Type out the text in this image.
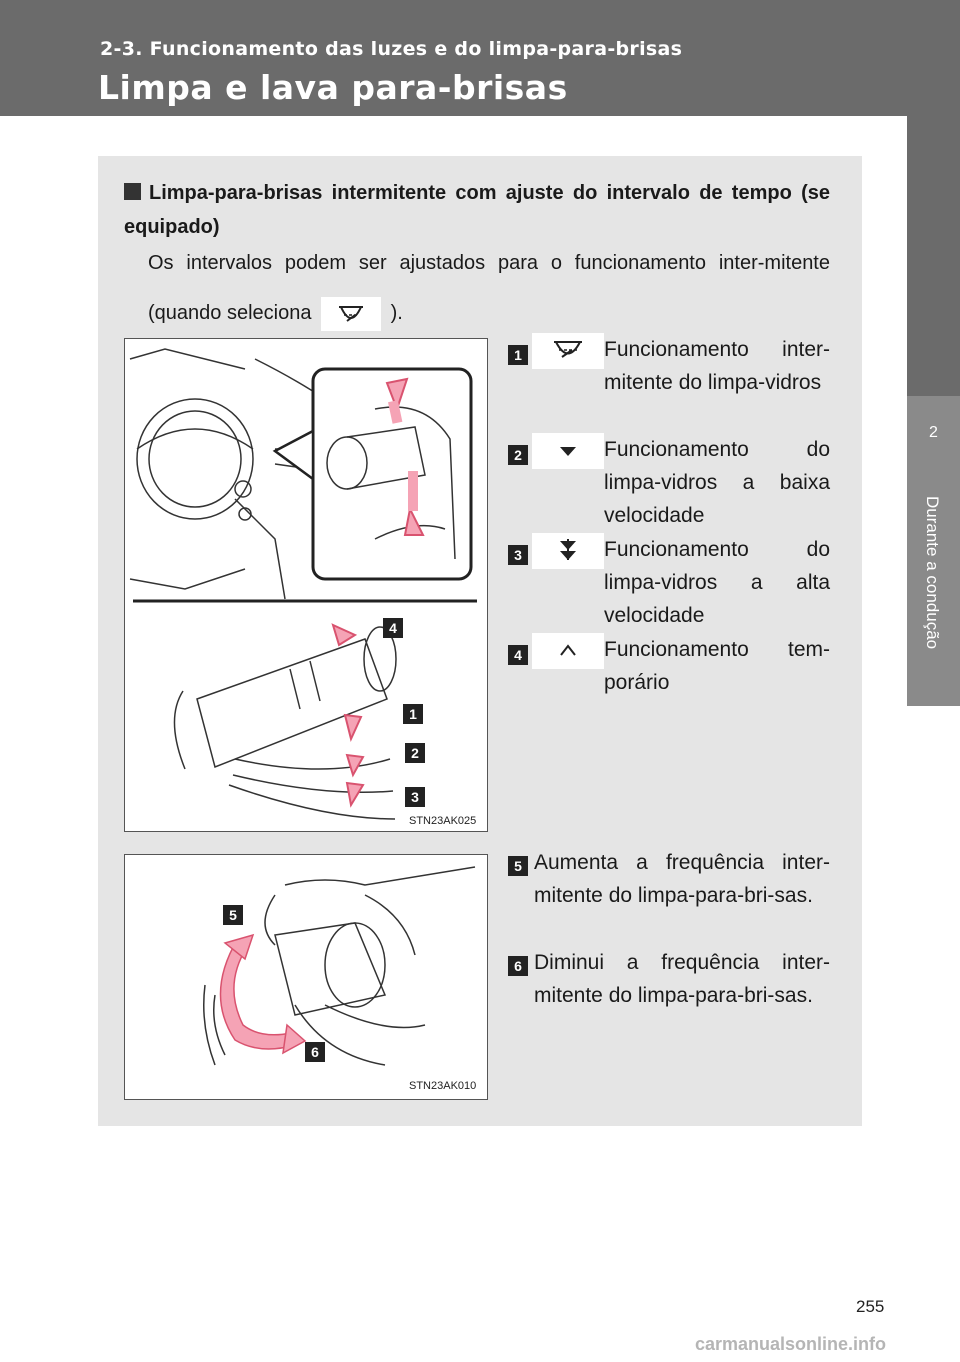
2-3. Funcionamento das luzes e do limpa-para-brisas
Limpa e lava para-brisas
2
Durante a condução
Limpa-para-brisas intermitente com ajuste do intervalo de tempo (se equipado)
Os intervalos podem ser ajustados para o funcionamento inter-mitente (quando seleciona	).
4
1
2
3
STN23AK025
1	Funcionamento inter-mitente do limpa-vidros
2	Funcionamento do limpa-vidros a baixa velocidade
3	Funcionamento do limpa-vidros a alta velocidade
4	Funcionamento tem-porário
5
6
STN23AK010
5 Aumenta a frequência inter-mitente do limpa-para-bri-sas.
6 Diminui a frequência inter-mitente do limpa-para-bri-sas.
255
carmanualsonline.info
